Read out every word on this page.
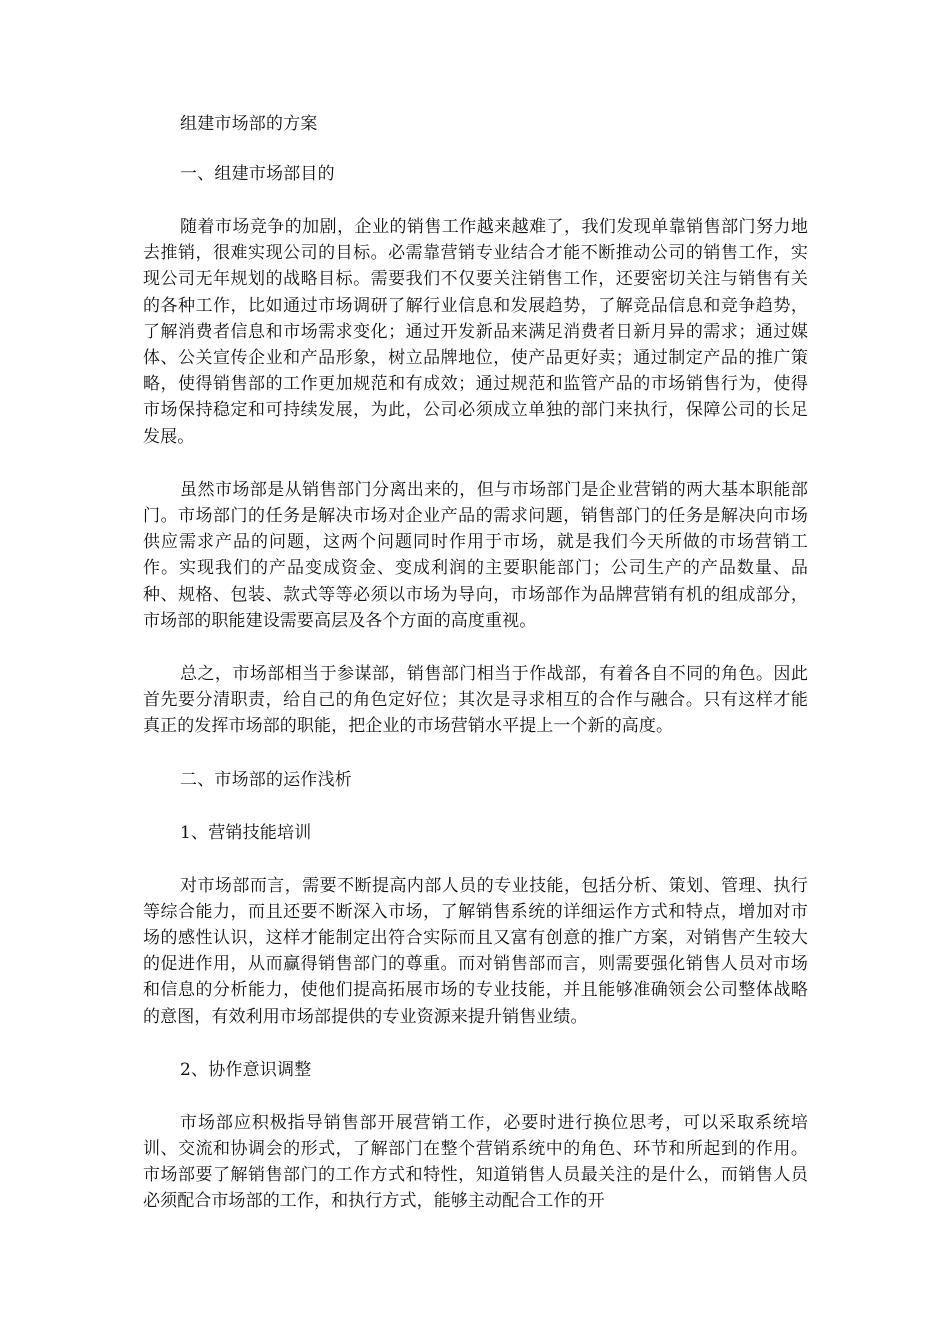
组建市场部的方案

一、组建市场部目的

随着市场竞争的加剧，企业的销售工作越来越难了，我们发现单靠销售部门努力地去推销，很难实现公司的目标。必需靠营销专业结合才能不断推动公司的销售工作，实现公司无年规划的战略目标。需要我们不仅要关注销售工作，还要密切关注与销售有关的各种工作，比如通过市场调研了解行业信息和发展趋势，了解竞品信息和竞争趋势，了解消费者信息和市场需求变化；通过开发新品来满足消费者日新月异的需求；通过媒体、公关宣传企业和产品形象，树立品牌地位，使产品更好卖；通过制定产品的推广策略，使得销售部的工作更加规范和有成效；通过规范和监管产品的市场销售行为，使得市场保持稳定和可持续发展，为此，公司必须成立单独的部门来执行，保障公司的长足发展。

虽然市场部是从销售部门分离出来的，但与市场部门是企业营销的两大基本职能部门。市场部门的任务是解决市场对企业产品的需求问题，销售部门的任务是解决向市场供应需求产品的问题，这两个问题同时作用于市场，就是我们今天所做的市场营销工作。实现我们的产品变成资金、变成利润的主要职能部门；公司生产的产品数量、品种、规格、包装、款式等等必须以市场为导向，市场部作为品牌营销有机的组成部分，市场部的职能建设需要高层及各个方面的高度重视。

总之，市场部相当于参谋部，销售部门相当于作战部，有着各自不同的角色。因此首先要分清职责，给自己的角色定好位；其次是寻求相互的合作与融合。只有这样才能真正的发挥市场部的职能，把企业的市场营销水平提上一个新的高度。

二、市场部的运作浅析

1、营销技能培训

对市场部而言，需要不断提高内部人员的专业技能，包括分析、策划、管理、执行等综合能力，而且还要不断深入市场，了解销售系统的详细运作方式和特点，增加对市场的感性认识，这样才能制定出符合实际而且又富有创意的推广方案，对销售产生较大的促进作用，从而赢得销售部门的尊重。而对销售部而言，则需要强化销售人员对市场和信息的分析能力，使他们提高拓展市场的专业技能，并且能够准确领会公司整体战略的意图，有效利用市场部提供的专业资源来提升销售业绩。

2、协作意识调整

市场部应积极指导销售部开展营销工作，必要时进行换位思考，可以采取系统培训、交流和协调会的形式，了解部门在整个营销系统中的角色、环节和所起到的作用。市场部要了解销售部门的工作方式和特性，知道销售人员最关注的是什么，而销售人员必须配合市场部的工作，和执行方式，能够主动配合工作的开
